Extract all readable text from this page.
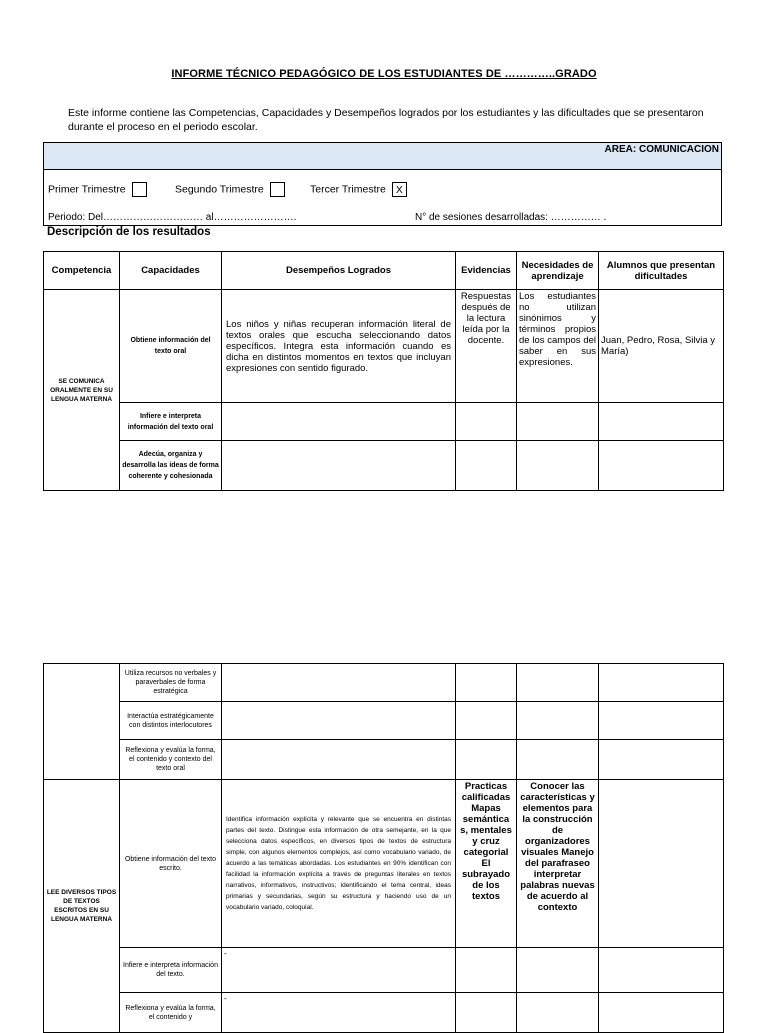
INFORME TÉCNICO PEDAGÓGICO DE LOS ESTUDIANTES DE …………..GRADO
Este informe contiene las Competencias, Capacidades y Desempeños logrados por los estudiantes y las dificultades que se presentaron durante el proceso en el periodo escolar.
AREA: COMUNICACION
Primer Trimestre	Segundo Trimestre	Tercer Trimestre X
Periodo: Del………………………… al…………………….	N° de sesiones desarrolladas: …………… .
Descripción de los resultados
Competencia	Capacidades	Desempeños Logrados	Evidencias	Necesidades de aprendizaje	Alumnos que presentan dificultades
SE COMUNICA ORALMENTE EN SU LENGUA MATERNA	Obtiene información del texto oral	Los niños y niñas recuperan información literal de textos orales que escucha seleccionando datos específicos. Integra esta información cuando es dicha en distintos momentos en textos que incluyan expresiones con sentido figurado.	Respuestas después de la lectura leída por la docente.	Los estudiantes no utilizan sinónimos y términos propios de los campos del saber en sus expresiones.	Juan, Pedro, Rosa, Silvia y María)
	Infiere e interpreta información del texto oral				
	Adecúa, organiza y desarrolla las ideas de forma coherente y cohesionada				
	Utiliza recursos no verbales y paraverbales de forma estratégica				
	Interactúa estratégicamente con distintos interlocutores				
	Reflexiona y evalúa la forma, el contenido y contexto del texto oral				
LEE DIVERSOS TIPOS DE TEXTOS ESCRITOS EN SU LENGUA MATERNA	Obtiene información del texto escrito.	Identifica información explícita y relevante que se encuentra en distintas partes del texto. Distingue esta información de otra semejante, en la que selecciona datos específicos, en diversos tipos de textos de estructura simple, con algunos elementos complejos, así como vocabulario variado, de acuerdo a las temáticas abordadas. Los estudiantes en 90% identifican con facilidad la información explícita a través de preguntas literales en textos narrativos, informativos, instructivos; identificando el tema central, ideas primarias y secundarias, según su estructura y haciendo uso de un vocabulario variado, coloquial.	Practicas calificadas Mapas semántica s, mentales y cruz categorial El subrayado de los textos	Conocer las características y elementos para la construcción de organizadores visuales Manejo del parafraseo interpretar palabras nuevas de acuerdo al contexto	
	Infiere e interpreta información del texto.	-			
	Reflexiona y evalúa la forma, el contenido y	-			
